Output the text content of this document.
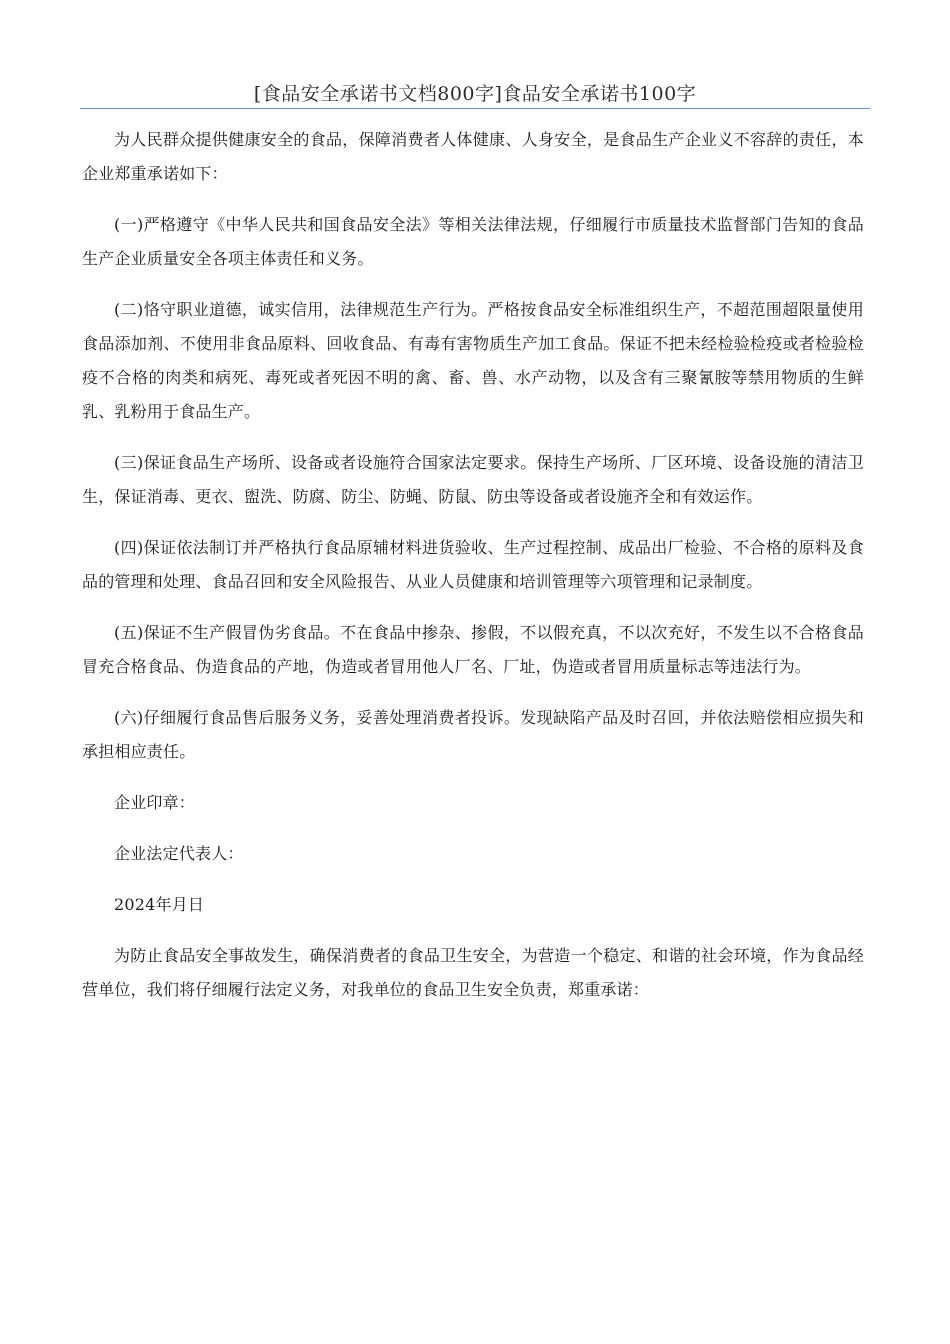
[食品安全承诺书文档800字]食品安全承诺书100字

为人民群众提供健康安全的食品，保障消费者人体健康、人身安全，是食品生产企业义不容辞的责任，本企业郑重承诺如下：

(一)严格遵守《中华人民共和国食品安全法》等相关法律法规，仔细履行市质量技术监督部门告知的食品生产企业质量安全各项主体责任和义务。

(二)恪守职业道德，诚实信用，法律规范生产行为。严格按食品安全标准组织生产，不超范围超限量使用食品添加剂、不使用非食品原料、回收食品、有毒有害物质生产加工食品。保证不把未经检验检疫或者检验检疫不合格的肉类和病死、毒死或者死因不明的禽、畜、兽、水产动物，以及含有三聚氰胺等禁用物质的生鲜乳、乳粉用于食品生产。

(三)保证食品生产场所、设备或者设施符合国家法定要求。保持生产场所、厂区环境、设备设施的清洁卫生，保证消毒、更衣、盥洗、防腐、防尘、防蝇、防鼠、防虫等设备或者设施齐全和有效运作。

(四)保证依法制订并严格执行食品原辅材料进货验收、生产过程控制、成品出厂检验、不合格的原料及食品的管理和处理、食品召回和安全风险报告、从业人员健康和培训管理等六项管理和记录制度。

(五)保证不生产假冒伪劣食品。不在食品中掺杂、掺假，不以假充真，不以次充好，不发生以不合格食品冒充合格食品、伪造食品的产地，伪造或者冒用他人厂名、厂址，伪造或者冒用质量标志等违法行为。

(六)仔细履行食品售后服务义务，妥善处理消费者投诉。发现缺陷产品及时召回，并依法赔偿相应损失和承担相应责任。

企业印章：

企业法定代表人：

2024年月日

为防止食品安全事故发生，确保消费者的食品卫生安全，为营造一个稳定、和谐的社会环境，作为食品经营单位，我们将仔细履行法定义务，对我单位的食品卫生安全负责，郑重承诺：
